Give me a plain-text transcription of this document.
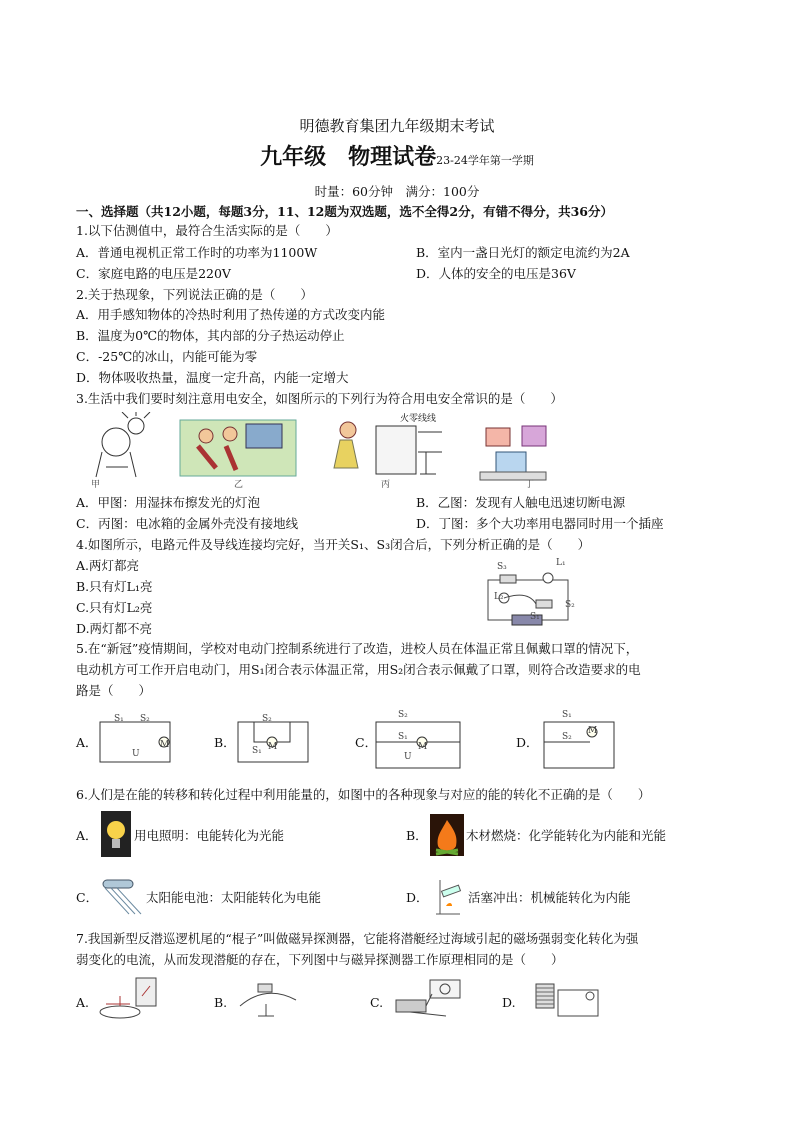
明德教育集团九年级期末考试
九年级　 物理试卷23-24学年第一学期
时量：60分钟　满分：100分
一、选择题（共12小题，每题3分，11、12题为双选题，选不全得2分，有错不得分，共36分）
1.以下估测值中，最符合生活实际的是（　　）
A．普通电视机正常工作时的功率为1100W	B．室内一盏日光灯的额定电流约为2A
C．家庭电路的电压是220V	D．人体的安全的电压是36V
2.关于热现象，下列说法正确的是（　　）
A．用手感知物体的冷热时利用了热传递的方式改变内能
B．温度为0℃的物体，其内部的分子热运动停止
C．-25℃的冰山，内能可能为零
D．物体吸收热量，温度一定升高，内能一定增大
3.生活中我们要时刻注意用电安全，如图所示的下列行为符合用电安全常识的是（　　）
火零线线
甲	乙	丙	丁
A．甲图：用湿抹布擦发光的灯泡	B．乙图：发现有人触电迅速切断电源
C．丙图：电冰箱的金属外壳没有接地线	D．丁图：多个大功率用电器同时用一个插座
4.如图所示，电路元件及导线连接均完好，当开关S₁、S₃闭合后，下列分析正确的是（　　）
A.两灯都亮
B.只有灯L₁亮
C.只有灯L₂亮
D.两灯都不亮
S₃	L₁
L₂
S₂
S₁
5.在“新冠”疫情期间，学校对电动门控制系统进行了改造，进校人员在体温正常且佩戴口罩的情况下，
电动机方可工作开启电动门，用S₁闭合表示体温正常，用S₂闭合表示佩戴了口罩，则符合改造要求的电
路是（　　）
A．	B．	C．	D．
S₁ S₂
M
U
S₂
S₁ M
S₂
S₁
M
U
S₁
S₂
M
6.人们是在能的转移和转化过程中利用能量的，如图中的各种现象与对应的能的转化不正确的是（　　）
A．	用电照明：电能转化为光能	B．	木材燃烧：化学能转化为内能和光能
C．	太阳能电池：太阳能转化为电能	D．	活塞冲出：机械能转化为内能
7.我国新型反潜巡逻机尾的“棍子”叫做磁异探测器，它能将潜艇经过海域引起的磁场强弱变化转化为强
弱变化的电流，从而发现潜艇的存在，下列图中与磁异探测器工作原理相同的是（　　）
A.	B.	C.	D.
